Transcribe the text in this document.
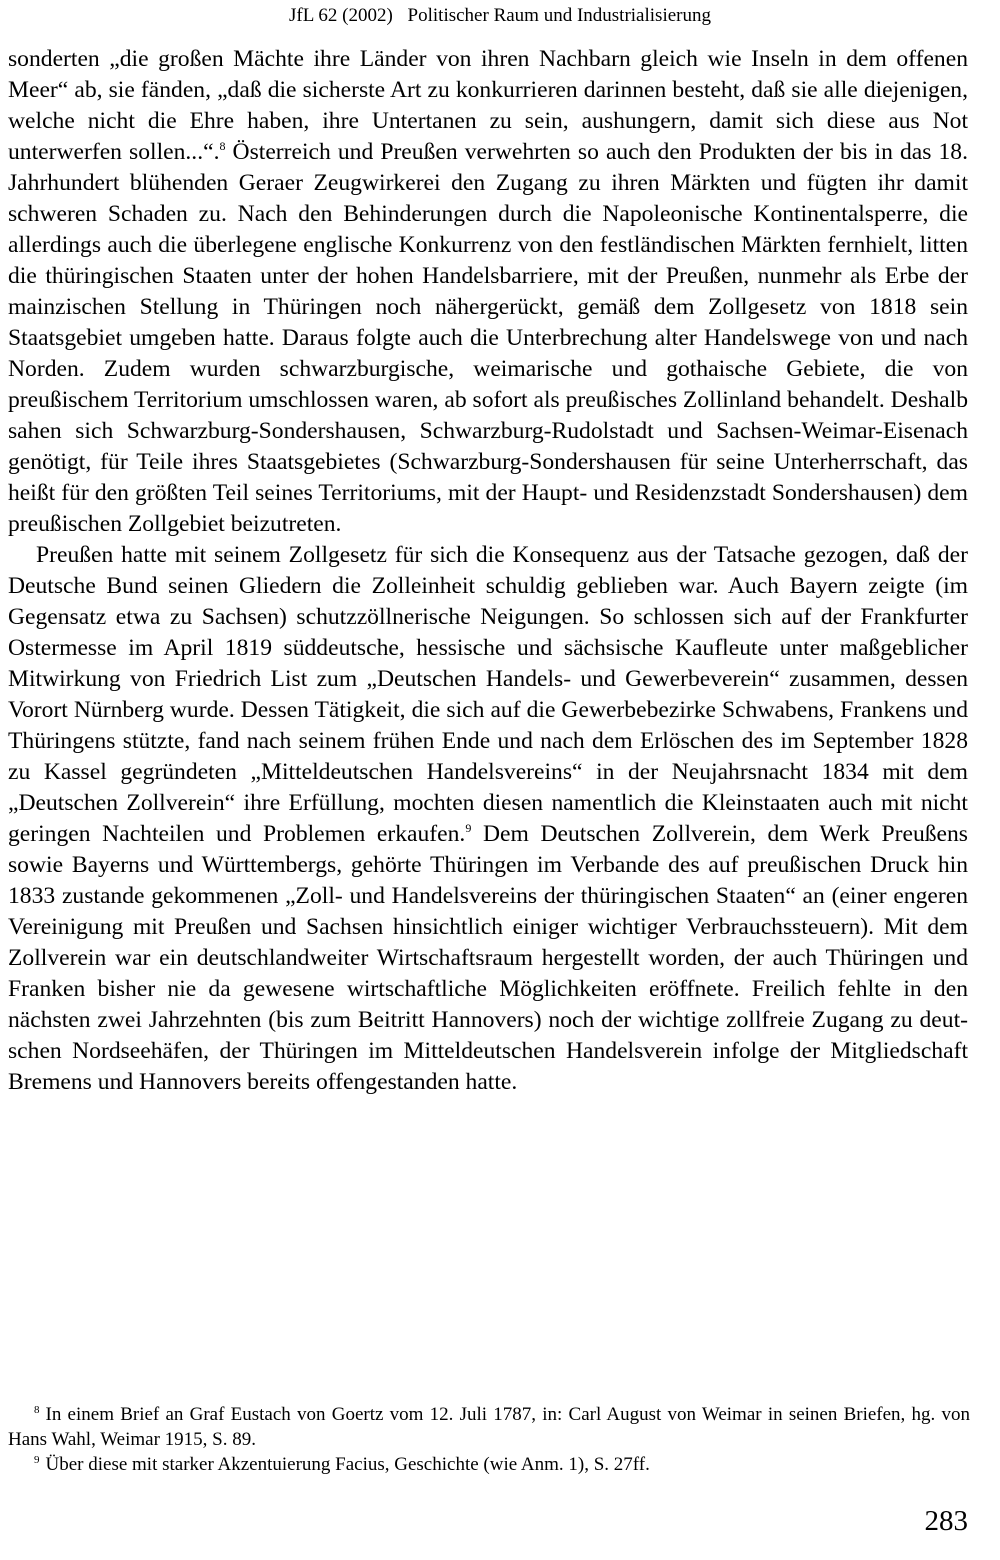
JfL 62 (2002) Politischer Raum und Industrialisierung

sonderten „die großen Mächte ihre Länder von ihren Nachbarn gleich wie Inseln in dem offenen Meer“ ab, sie fänden, „daß die sicherste Art zu konkurrieren darinnen besteht, daß sie alle diejenigen, welche nicht die Ehre haben, ihre Untertanen zu sein, aushungern, damit sich diese aus Not unterwerfen sollen...“.$^8$ Österreich und Preußen verwehrten so auch den Produkten der bis in das 18. Jahrhundert blühenden Geraer Zeugwirkerei den Zugang zu ihren Märkten und fügten ihr damit schweren Schaden zu. Nach den Behinderungen durch die Napoleonische Kontinentalsperre, die allerdings auch die überlegene englische Konkurrenz von den festländischen Märkten fernhielt, litten die thüringischen Staaten unter der hohen Handelsbarriere, mit der Preußen, nunmehr als Erbe der mainzischen Stellung in Thüringen noch nähergerückt, gemäß dem Zollgesetz von 1818 sein Staatsgebiet umgeben hatte. Daraus folgte auch die Unterbrechung alter Handelswege von und nach Norden. Zudem wurden schwarzburgische, weimarische und gothaische Gebiete, die von preußischem Territorium umschlossen waren, ab sofort als preußisches Zollinland behandelt. Deshalb sahen sich Schwarzburg-Sondershausen, Schwarzburg-Rudolstadt und Sachsen-Weimar-Eisenach genötigt, für Teile ihres Staatsgebietes (Schwarzburg-Sondershausen für seine Unterherrschaft, das heißt für den größten Teil seines Territoriums, mit der Haupt- und Residenzstadt Sondershausen) dem preußischen Zollgebiet beizutreten.

Preußen hatte mit seinem Zollgesetz für sich die Konsequenz aus der Tatsache gezogen, daß der Deutsche Bund seinen Gliedern die Zolleinheit schuldig geblieben war. Auch Bayern zeigte (im Gegensatz etwa zu Sachsen) schutzzöllnerische Neigungen. So schlossen sich auf der Frankfurter Ostermesse im April 1819 süddeutsche, hessische und sächsische Kaufleute unter maßgeblicher Mitwirkung von Friedrich List zum „Deutschen Handels- und Gewerbeverein“ zusammen, dessen Vorort Nürnberg wurde. Dessen Tätigkeit, die sich auf die Gewerbebezirke Schwabens, Frankens und Thüringens stützte, fand nach seinem frühen Ende und nach dem Erlöschen des im September 1828 zu Kassel gegründeten „Mitteldeutschen Handelsvereins“ in der Neujahrsnacht 1834 mit dem „Deutschen Zollverein“ ihre Erfüllung, mochten diesen namentlich die Kleinstaaten auch mit nicht geringen Nachteilen und Problemen erkaufen.$^9$ Dem Deutschen Zollverein, dem Werk Preußens sowie Bayerns und Württembergs, gehörte Thüringen im Verbande des auf preußischen Druck hin 1833 zustande gekommenen „Zoll- und Handelsvereins der thüringischen Staaten“ an (einer engeren Vereinigung mit Preußen und Sachsen hinsichtlich einiger wichtiger Verbrauchssteuern). Mit dem Zollverein war ein deutschlandweiter Wirtschaftsraum hergestellt worden, der auch Thüringen und Franken bisher nie da gewesene wirtschaftliche Möglichkeiten eröffnete. Freilich fehlte in den nächsten zwei Jahrzehnten (bis zum Beitritt Hannovers) noch der wichtige zollfreie Zugang zu deutschen Nordseehäfen, der Thüringen im Mitteldeutschen Handelsverein infolge der Mitgliedschaft Bremens und Hannovers bereits offengestanden hatte.

$^8$ In einem Brief an Graf Eustach von Goertz vom 12. Juli 1787, in: Carl August von Weimar in seinen Briefen, hg. von Hans Wahl, Weimar 1915, S. 89.

$^9$ Über diese mit starker Akzentuierung Facius, Geschichte (wie Anm. 1), S. 27ff.

283
